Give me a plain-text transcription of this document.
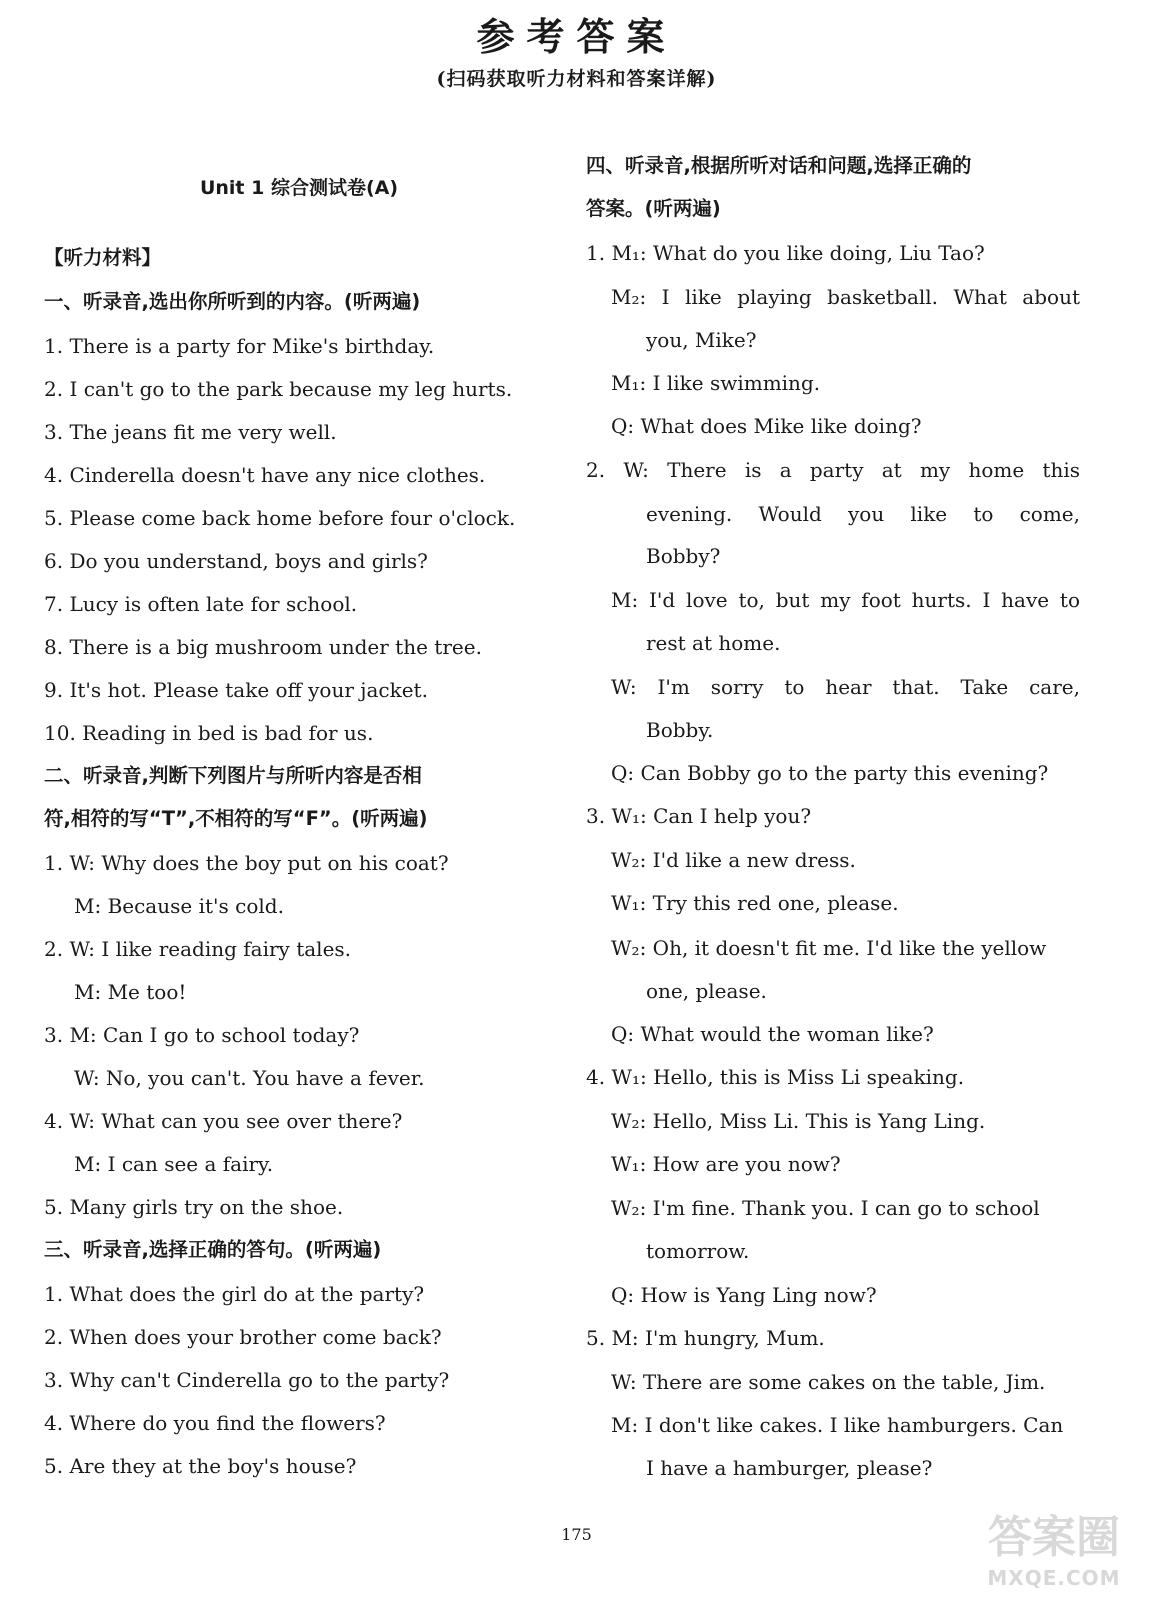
参考答案
(扫码获取听力材料和答案详解)
Unit 1 综合测试卷(A)
【听力材料】
一、听录音,选出你所听到的内容。(听两遍)
1. There is a party for Mike's birthday.
2. I can't go to the park because my leg hurts.
3. The jeans fit me very well.
4. Cinderella doesn't have any nice clothes.
5. Please come back home before four o'clock.
6. Do you understand, boys and girls?
7. Lucy is often late for school.
8. There is a big mushroom under the tree.
9. It's hot. Please take off your jacket.
10. Reading in bed is bad for us.
二、听录音,判断下列图片与所听内容是否相
符,相符的写“T”,不相符的写“F”。(听两遍)
1. W: Why does the boy put on his coat?
M: Because it's cold.
2. W: I like reading fairy tales.
M: Me too!
3. M: Can I go to school today?
W: No, you can't. You have a fever.
4. W: What can you see over there?
M: I can see a fairy.
5. Many girls try on the shoe.
三、听录音,选择正确的答句。(听两遍)
1. What does the girl do at the party?
2. When does your brother come back?
3. Why can't Cinderella go to the party?
4. Where do you find the flowers?
5. Are they at the boy's house?
四、听录音,根据所听对话和问题,选择正确的
答案。(听两遍)
1. M₁: What do you like doing, Liu Tao?
M₂: I like playing basketball. What about
you, Mike?
M₁: I like swimming.
Q: What does Mike like doing?
2. W: There is a party at my home this
evening. Would you like to come,
Bobby?
M: I'd love to, but my foot hurts. I have to
rest at home.
W: I'm sorry to hear that. Take care,
Bobby.
Q: Can Bobby go to the party this evening?
3. W₁: Can I help you?
W₂: I'd like a new dress.
W₁: Try this red one, please.
W₂: Oh, it doesn't fit me. I'd like the yellow
one, please.
Q: What would the woman like?
4. W₁: Hello, this is Miss Li speaking.
W₂: Hello, Miss Li. This is Yang Ling.
W₁: How are you now?
W₂: I'm fine. Thank you. I can go to school
tomorrow.
Q: How is Yang Ling now?
5. M: I'm hungry, Mum.
W: There are some cakes on the table, Jim.
M: I don't like cakes. I like hamburgers. Can
I have a hamburger, please?
175	答案圈
MXQE.COM
